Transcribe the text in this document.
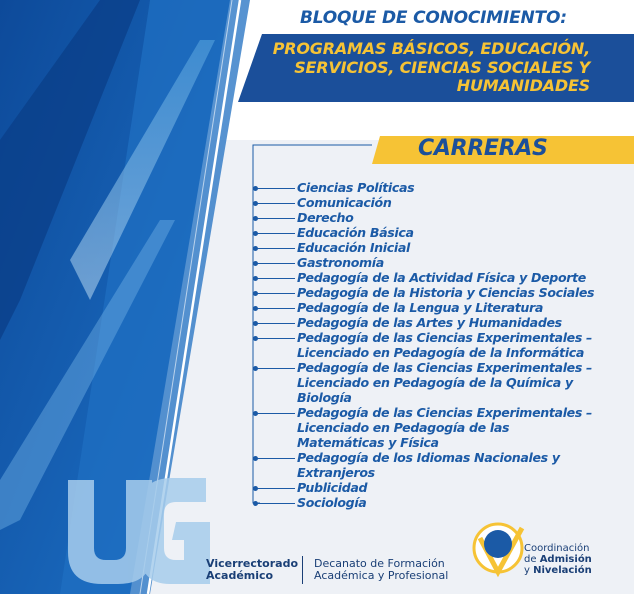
BLOQUE DE CONOCIMIENTO:
PROGRAMAS BÁSICOS, EDUCACIÓN, SERVICIOS, CIENCIAS SOCIALES Y HUMANIDADES
CARRERAS
Ciencias Políticas
Comunicación
Derecho
Educación Básica
Educación Inicial
Gastronomía
Pedagogía de la Actividad Física y Deporte
Pedagogía de la Historia y Ciencias Sociales
Pedagogía de la Lengua y Literatura
Pedagogía de las Artes y Humanidades
Pedagogía de las Ciencias Experimentales – Licenciado en Pedagogía de la Informática
Pedagogía de las Ciencias Experimentales – Licenciado en Pedagogía de la Química y Biología
Pedagogía de las Ciencias Experimentales – Licenciado en Pedagogía de las Matemáticas y Física
Pedagogía de los Idiomas Nacionales y Extranjeros
Publicidad
Sociología
Vicerrectorado
Académico
Decanato de Formación
Académica y Profesional
Coordinación
de Admisión
y Nivelación
